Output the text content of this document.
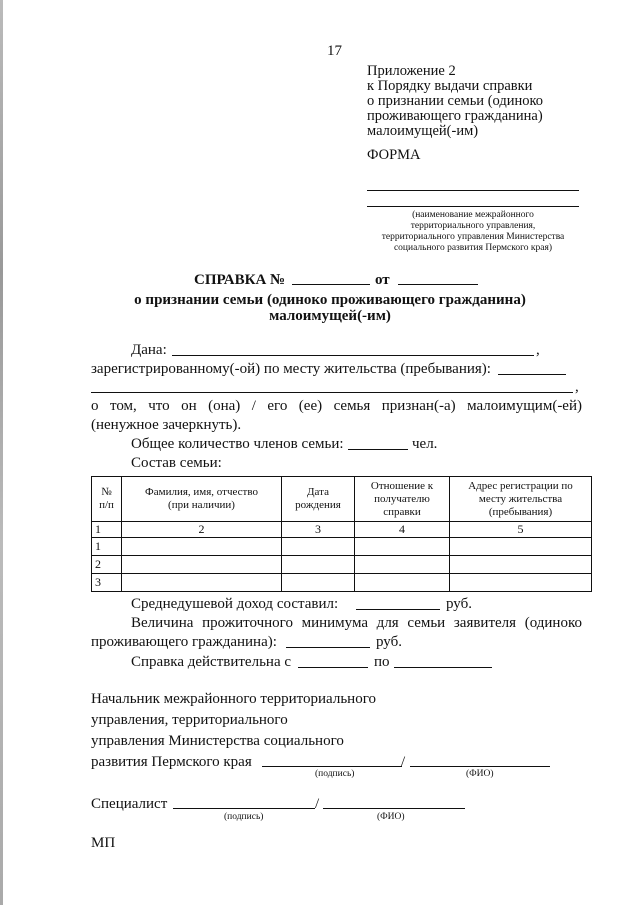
17
Приложение 2
к Порядку выдачи справки
о признании семьи (одиноко
проживающего гражданина)
малоимущей(-им)
ФОРМА
(наименование межрайонного
территориального управления,
территориального управления Министерства
социального развития Пермского края)
СПРАВКА №	от
о признании семьи (одиноко проживающего гражданина)
малоимущей(-им)
Дана:	,
зарегистрированному(-ой) по месту жительства (пребывания):
,
о том, что он (она) / его (ее) семья признан(-а) малоимущим(-ей)
(ненужное зачеркнуть).
Общее количество членов семьи:	чел.
Состав семьи:
№ п/п	Фамилия, имя, отчество (при наличии)	Дата рождения	Отношение к получателю справки	Адрес регистрации по месту жительства (пребывания)
1	2	3	4	5
1				
2				
3				
Среднедушевой доход составил:	руб.
Величина прожиточного минимума для семьи заявителя (одиноко
проживающего гражданина):	руб.
Справка действительна с	по
Начальник межрайонного территориального
управления, территориального
управления Министерства социального
развития Пермского края	/
(подпись)	(ФИО)
Специалист	/
(подпись)	(ФИО)
МП
